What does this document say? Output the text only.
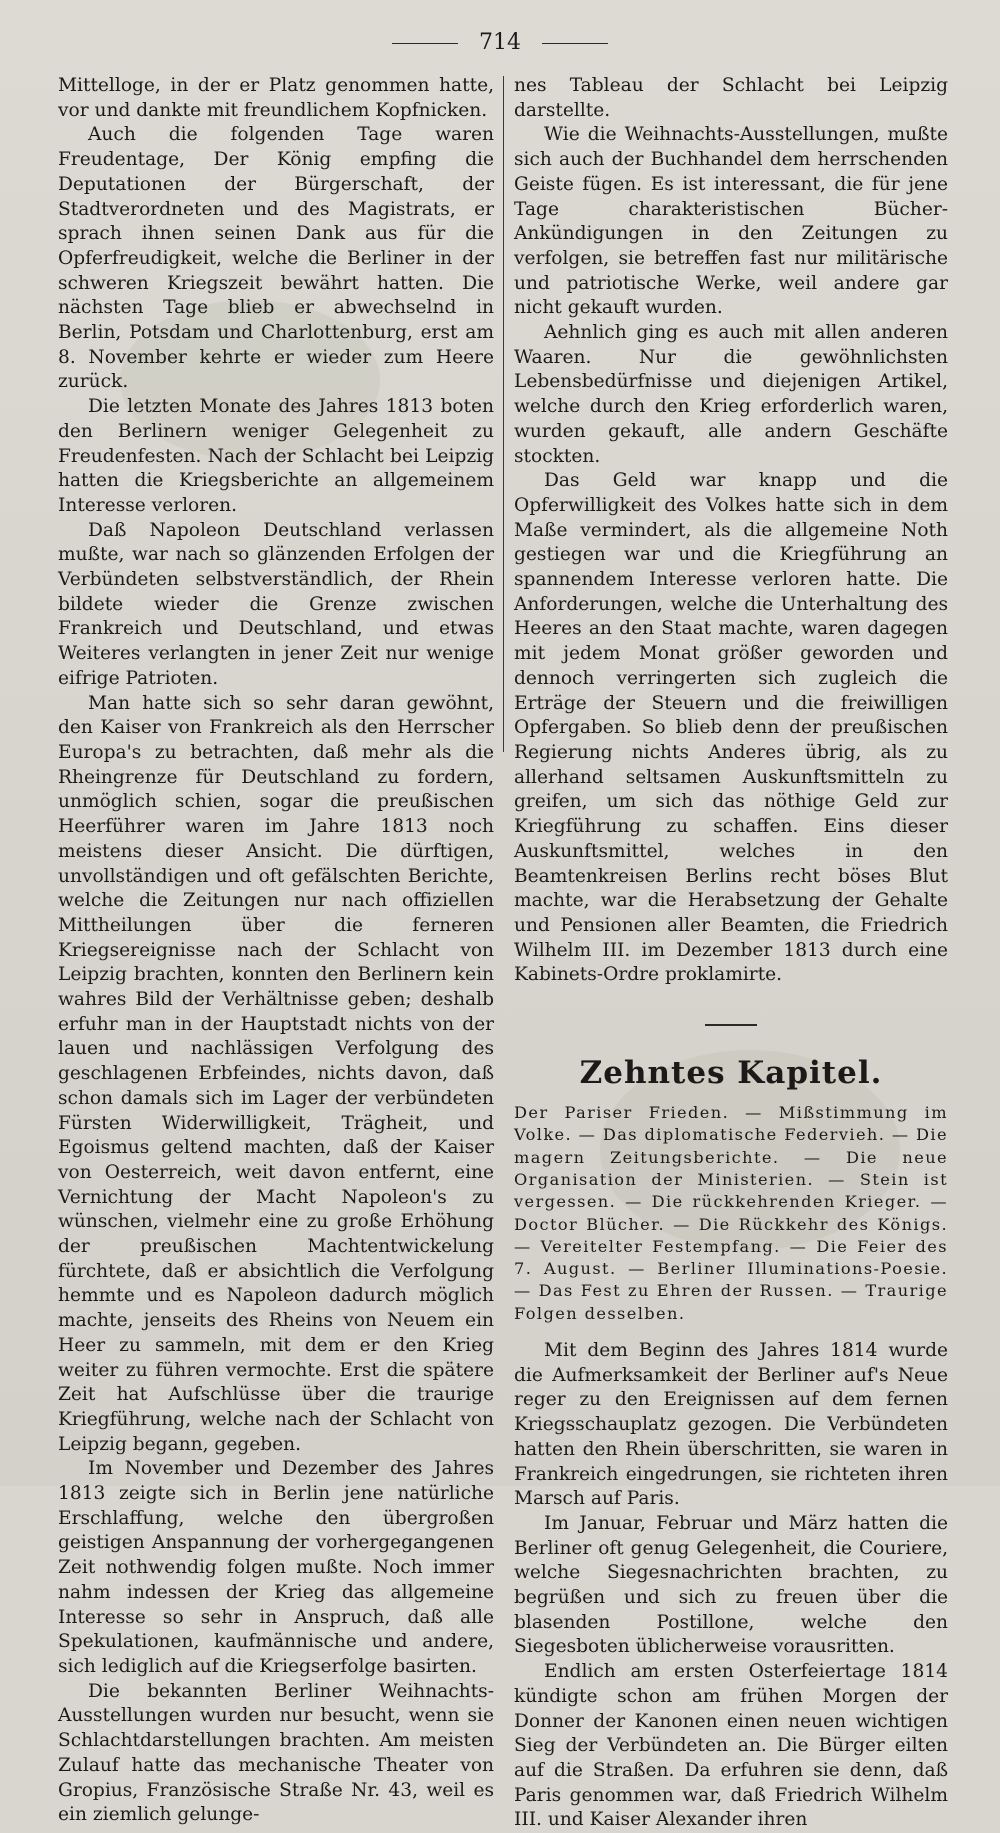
714

Mittelloge, in der er Platz genommen hatte, vor und dankte mit freundlichem Kopfnicken.

Auch die folgenden Tage waren Freudentage, Der König empfing die Deputationen der Bürgerschaft, der Stadtverordneten und des Magistrats, er sprach ihnen seinen Dank aus für die Opferfreudigkeit, welche die Berliner in der schweren Kriegszeit bewährt hatten. Die nächsten Tage blieb er abwechselnd in Berlin, Potsdam und Charlottenburg, erst am 8. November kehrte er wieder zum Heere zurück.

Die letzten Monate des Jahres 1813 boten den Berlinern weniger Gelegenheit zu Freudenfesten. Nach der Schlacht bei Leipzig hatten die Kriegsberichte an allgemeinem Interesse verloren.

Daß Napoleon Deutschland verlassen mußte, war nach so glänzenden Erfolgen der Verbündeten selbstverständlich, der Rhein bildete wieder die Grenze zwischen Frankreich und Deutschland, und etwas Weiteres verlangten in jener Zeit nur wenige eifrige Patrioten.

Man hatte sich so sehr daran gewöhnt, den Kaiser von Frankreich als den Herrscher Europa's zu betrachten, daß mehr als die Rheingrenze für Deutschland zu fordern, unmöglich schien, sogar die preußischen Heerführer waren im Jahre 1813 noch meistens dieser Ansicht. Die dürftigen, unvollständigen und oft gefälschten Berichte, welche die Zeitungen nur nach offiziellen Mittheilungen über die ferneren Kriegsereignisse nach der Schlacht von Leipzig brachten, konnten den Berlinern kein wahres Bild der Verhältnisse geben; deshalb erfuhr man in der Hauptstadt nichts von der lauen und nachlässigen Verfolgung des geschlagenen Erbfeindes, nichts davon, daß schon damals sich im Lager der verbündeten Fürsten Widerwilligkeit, Trägheit, und Egoismus geltend machten, daß der Kaiser von Oesterreich, weit davon entfernt, eine Vernichtung der Macht Napoleon's zu wünschen, vielmehr eine zu große Erhöhung der preußischen Machtentwickelung fürchtete, daß er absichtlich die Verfolgung hemmte und es Napoleon dadurch möglich machte, jenseits des Rheins von Neuem ein Heer zu sammeln, mit dem er den Krieg weiter zu führen vermochte. Erst die spätere Zeit hat Aufschlüsse über die traurige Kriegführung, welche nach der Schlacht von Leipzig begann, gegeben.

Im November und Dezember des Jahres 1813 zeigte sich in Berlin jene natürliche Erschlaffung, welche den übergroßen geistigen Anspannung der vorhergegangenen Zeit nothwendig folgen mußte. Noch immer nahm indessen der Krieg das allgemeine Interesse so sehr in Anspruch, daß alle Spekulationen, kaufmännische und andere, sich lediglich auf die Kriegserfolge basirten.

Die bekannten Berliner Weihnachts-Ausstellungen wurden nur besucht, wenn sie Schlachtdarstellungen brachten. Am meisten Zulauf hatte das mechanische Theater von Gropius, Französische Straße Nr. 43, weil es ein ziemlich gelunge-

nes Tableau der Schlacht bei Leipzig darstellte.

Wie die Weihnachts-Ausstellungen, mußte sich auch der Buchhandel dem herrschenden Geiste fügen. Es ist interessant, die für jene Tage charakteristischen Bücher-Ankündigungen in den Zeitungen zu verfolgen, sie betreffen fast nur militärische und patriotische Werke, weil andere gar nicht gekauft wurden.

Aehnlich ging es auch mit allen anderen Waaren. Nur die gewöhnlichsten Lebensbedürfnisse und diejenigen Artikel, welche durch den Krieg erforderlich waren, wurden gekauft, alle andern Geschäfte stockten.

Das Geld war knapp und die Opferwilligkeit des Volkes hatte sich in dem Maße vermindert, als die allgemeine Noth gestiegen war und die Kriegführung an spannendem Interesse verloren hatte. Die Anforderungen, welche die Unterhaltung des Heeres an den Staat machte, waren dagegen mit jedem Monat größer geworden und dennoch verringerten sich zugleich die Erträge der Steuern und die freiwilligen Opfergaben. So blieb denn der preußischen Regierung nichts Anderes übrig, als zu allerhand seltsamen Auskunftsmitteln zu greifen, um sich das nöthige Geld zur Kriegführung zu schaffen. Eins dieser Auskunftsmittel, welches in den Beamtenkreisen Berlins recht böses Blut machte, war die Herabsetzung der Gehalte und Pensionen aller Beamten, die Friedrich Wilhelm III. im Dezember 1813 durch eine Kabinets-Ordre proklamirte.

Zehntes Kapitel.
Der Pariser Frieden. — Mißstimmung im Volke. — Das diplomatische Federvieh. — Die magern Zeitungsberichte. — Die neue Organisation der Ministerien. — Stein ist vergessen. — Die rückkehrenden Krieger. — Doctor Blücher. — Die Rückkehr des Königs. — Vereitelter Festempfang. — Die Feier des 7. August. — Berliner Illuminations-Poesie. — Das Fest zu Ehren der Russen. — Traurige Folgen desselben.

Mit dem Beginn des Jahres 1814 wurde die Aufmerksamkeit der Berliner auf's Neue reger zu den Ereignissen auf dem fernen Kriegsschauplatz gezogen. Die Verbündeten hatten den Rhein überschritten, sie waren in Frankreich eingedrungen, sie richteten ihren Marsch auf Paris.

Im Januar, Februar und März hatten die Berliner oft genug Gelegenheit, die Couriere, welche Siegesnachrichten brachten, zu begrüßen und sich zu freuen über die blasenden Postillone, welche den Siegesboten üblicherweise vorausritten.

Endlich am ersten Osterfeiertage 1814 kündigte schon am frühen Morgen der Donner der Kanonen einen neuen wichtigen Sieg der Verbündeten an. Die Bürger eilten auf die Straßen. Da erfuhren sie denn, daß Paris genommen war, daß Friedrich Wilhelm III. und Kaiser Alexander ihren
